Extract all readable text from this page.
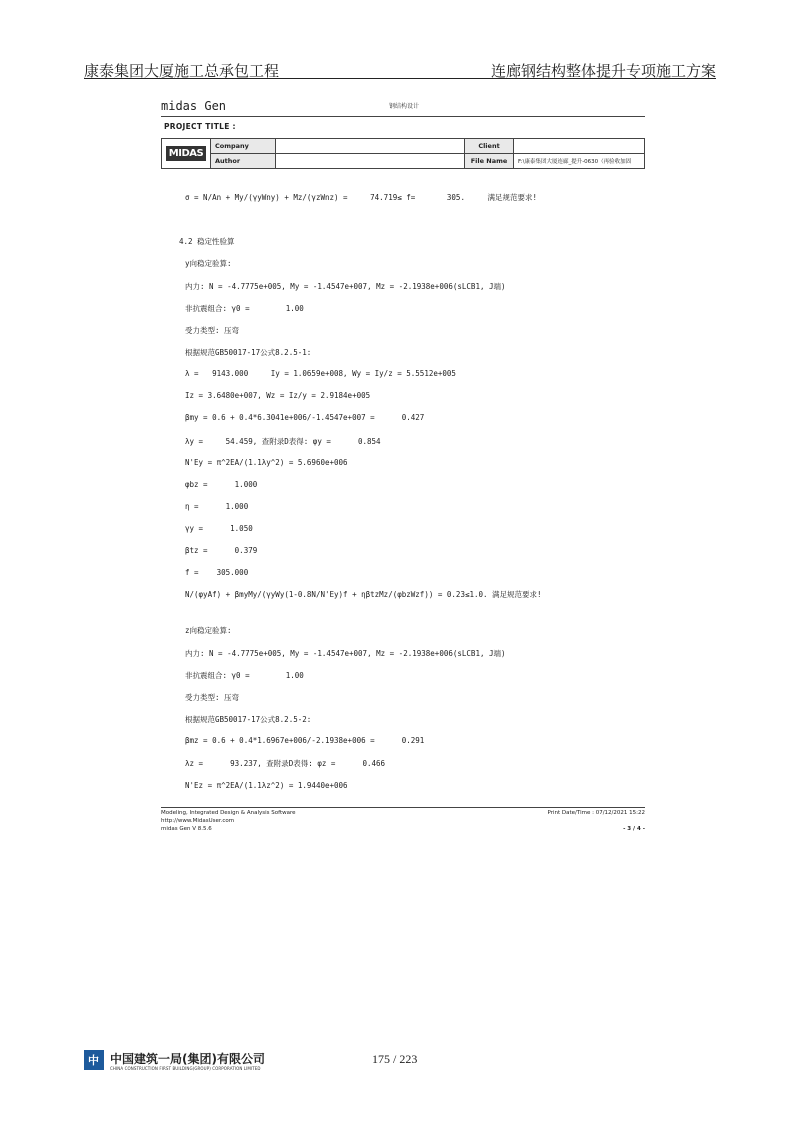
康泰集团大厦施工总承包工程	连廊钢结构整体提升专项施工方案
midas Gen	钢结构设计
PROJECT TITLE :
MIDAS	Company		Client	
	Author		File Name	F:\康泰集团大厦连廊_提升-0630（再验收加固
σ = N/An + My/(γyWny) + Mz/(γzWnz) =     74.719≤ f=       305.     满足规范要求!
4.2 稳定性验算
y向稳定验算:
内力: N = -4.7775e+005, My = -1.4547e+007, Mz = -2.1938e+006(sLCB1, J端)
非抗震组合: γ0 =        1.00
受力类型: 压弯
根据规范GB50017-17公式8.2.5-1:
λ =   9143.000     Iy = 1.0659e+008, Wy = Iy/z = 5.5512e+005
Iz = 3.6480e+007, Wz = Iz/y = 2.9184e+005
βmy = 0.6 + 0.4*6.3041e+006/-1.4547e+007 =      0.427
λy =     54.459, 查附录D表得: φy =      0.854
N'Ey = π^2EA/(1.1λy^2) = 5.6960e+006
φbz =      1.000
η =      1.000
γy =      1.050
βtz =      0.379
f =    305.000
N/(φyAf) + βmyMy/(γyWy(1-0.8N/N'Ey)f + ηβtzMz/(φbzWzf)) = 0.23≤1.0. 满足规范要求!
z向稳定验算:
内力: N = -4.7775e+005, My = -1.4547e+007, Mz = -2.1938e+006(sLCB1, J端)
非抗震组合: γ0 =        1.00
受力类型: 压弯
根据规范GB50017-17公式8.2.5-2:
βmz = 0.6 + 0.4*1.6967e+006/-2.1938e+006 =      0.291
λz =      93.237, 查附录D表得: φz =      0.466
N'Ez = π^2EA/(1.1λz^2) = 1.9440e+006
Modeling, Integrated Design & Analysis Software
http://www.MidasUser.com
midas Gen V 8.5.6
Print Date/Time : 07/12/2021 15:22
- 3 / 4 -
中 中国建筑一局(集团)有限公司
CHINA CONSTRUCTION FIRST BUILDING(GROUP) CORPORATION LIMITED
175 / 223
